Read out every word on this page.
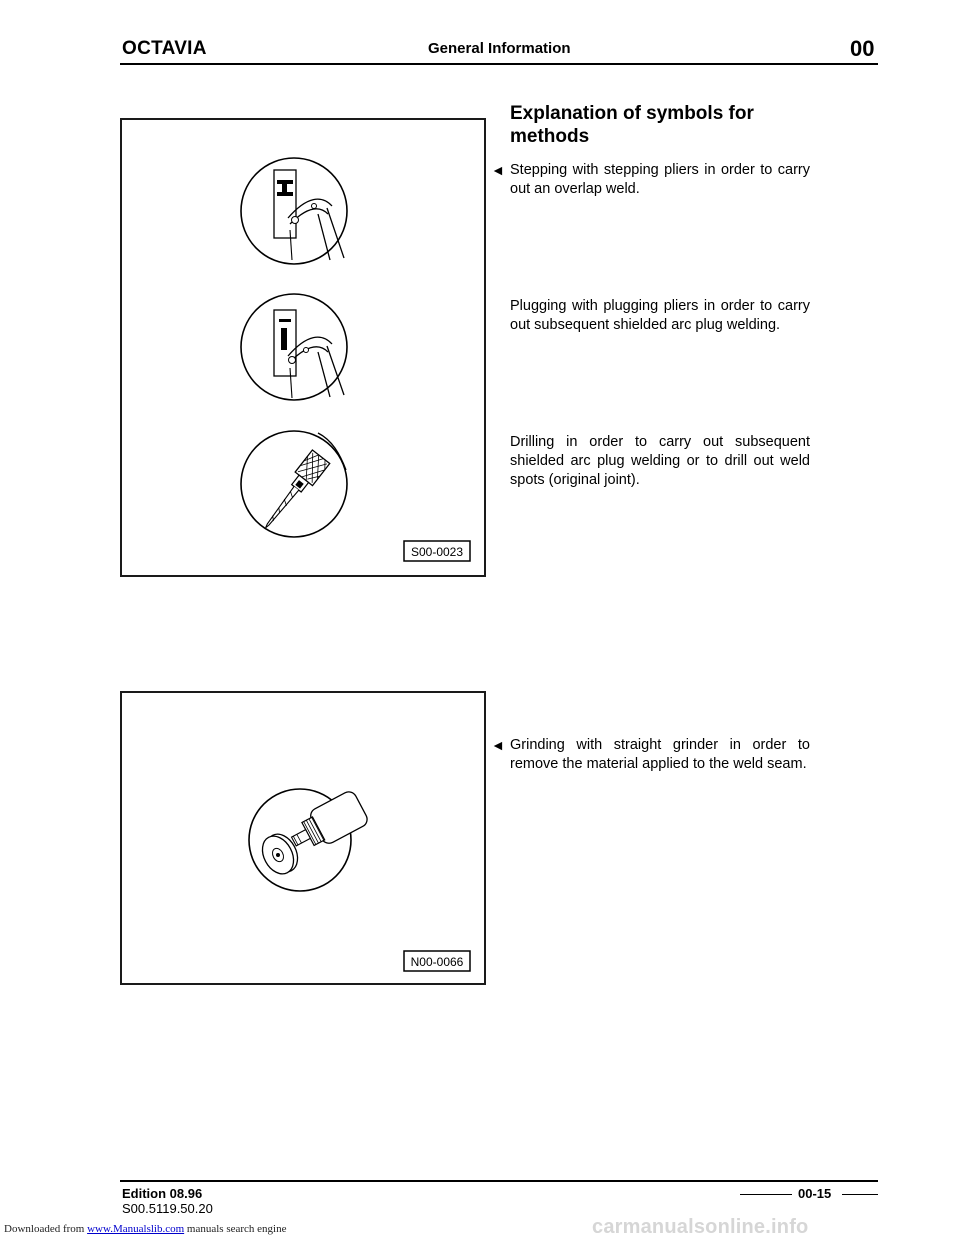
OCTAVIA	General Information	00
S00-0023
N00-0066
Explanation of symbols for methods
◄ Stepping with stepping pliers in order to carry out an overlap weld.
Plugging with plugging pliers in order to carry out subsequent shielded arc plug welding.
Drilling in order to carry out subsequent shielded arc plug welding or to drill out weld spots (original joint).
◄ Grinding with straight grinder in order to remove the material applied to the weld seam.
Edition 08.96
S00.5119.50.20
00-15
Downloaded from www.Manualslib.com manuals search engine	carmanualsonline.info
